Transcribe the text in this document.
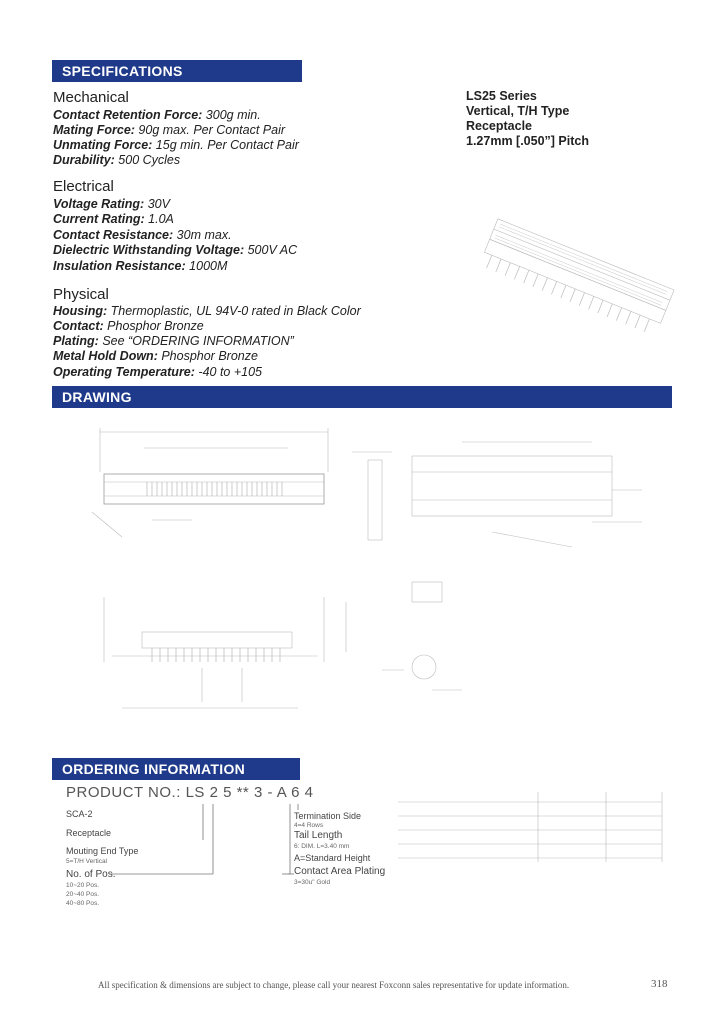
SPECIFICATIONS
Mechanical
Contact Retention Force: 300g min.
Mating Force: 90g max. Per Contact Pair
Unmating Force: 15g min. Per Contact Pair
Durability: 500 Cycles
Electrical
Voltage Rating: 30V
Current Rating: 1.0A
Contact Resistance: 30m max.
Dielectric Withstanding Voltage: 500V AC
Insulation Resistance: 1000M
Physical
Housing: Thermoplastic, UL 94V-0 rated in Black Color
Contact: Phosphor Bronze
Plating: See “ORDERING INFORMATION”
Metal Hold Down: Phosphor Bronze
Operating Temperature: -40 to +105
LS25 Series
Vertical, T/H Type
Receptacle
1.27mm [.050”] Pitch
DRAWING
ORDERING INFORMATION
PRODUCT NO.: LS 2 5 ** 3 - A 6 4
SCA-2
Receptacle
Mouting End Type
5=T/H Vertical
No. of Pos.
10~20 Pos.
20~40 Pos.
40~80 Pos.
Termination Side
4=4 Rows
Tail Length
6: DIM. L=3.40 mm
A=Standard Height
Contact Area Plating
3=30u" Gold
All specification & dimensions are subject to change, please call your nearest Foxconn sales representative for update information.	318
